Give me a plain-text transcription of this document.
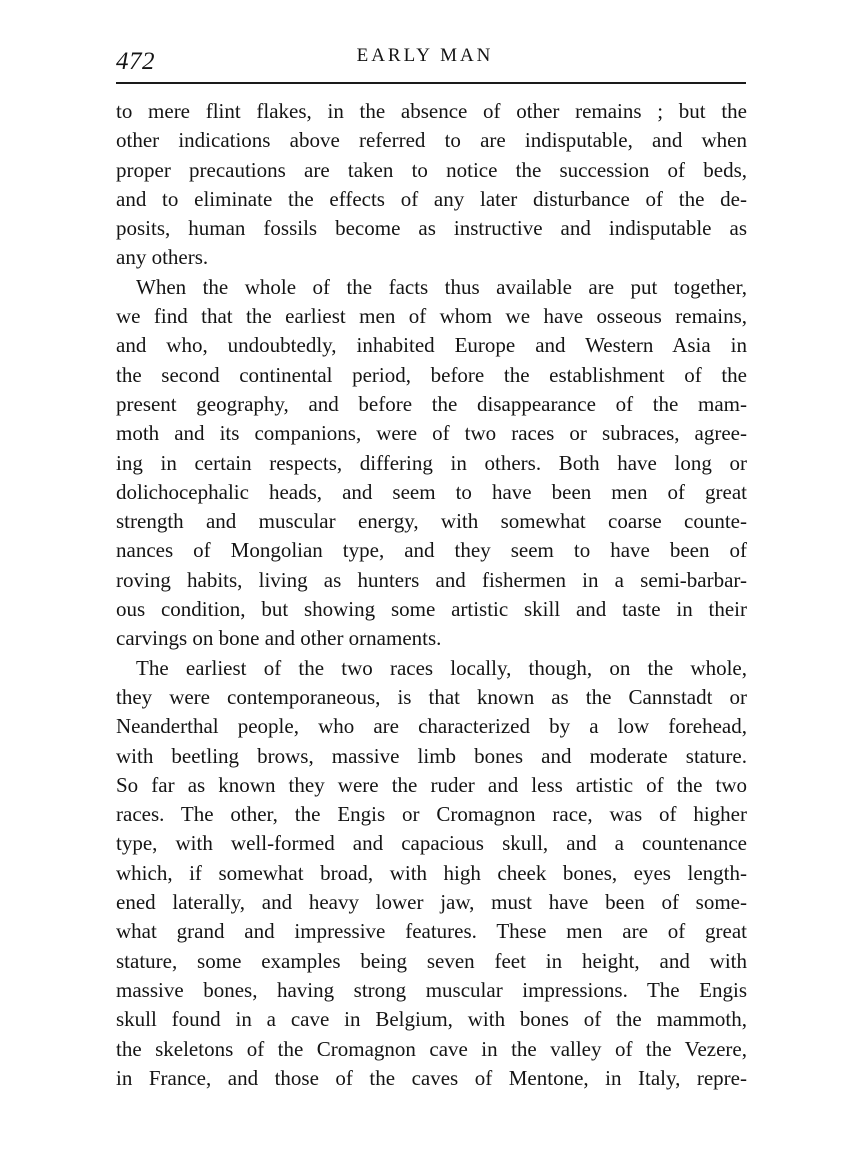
472	EARLY MAN
to mere flint flakes, in the absence of other remains ; but the
other indications above referred to are indisputable, and when
proper precautions are taken to notice the succession of beds,
and to eliminate the effects of any later disturbance of the de-
posits, human fossils become as instructive and indisputable as
any others.
When the whole of the facts thus available are put together,
we find that the earliest men of whom we have osseous remains,
and who, undoubtedly, inhabited Europe and Western Asia in
the second continental period, before the establishment of the
present geography, and before the disappearance of the mam-
moth and its companions, were of two races or subraces, agree-
ing in certain respects, differing in others. Both have long or
dolichocephalic heads, and seem to have been men of great
strength and muscular energy, with somewhat coarse counte-
nances of Mongolian type, and they seem to have been of
roving habits, living as hunters and fishermen in a semi-barbar-
ous condition, but showing some artistic skill and taste in their
carvings on bone and other ornaments.
The earliest of the two races locally, though, on the whole,
they were contemporaneous, is that known as the Cannstadt or
Neanderthal people, who are characterized by a low forehead,
with beetling brows, massive limb bones and moderate stature.
So far as known they were the ruder and less artistic of the two
races. The other, the Engis or Cromagnon race, was of higher
type, with well-formed and capacious skull, and a countenance
which, if somewhat broad, with high cheek bones, eyes length-
ened laterally, and heavy lower jaw, must have been of some-
what grand and impressive features. These men are of great
stature, some examples being seven feet in height, and with
massive bones, having strong muscular impressions. The Engis
skull found in a cave in Belgium, with bones of the mammoth,
the skeletons of the Cromagnon cave in the valley of the Vezere,
in France, and those of the caves of Mentone, in Italy, repre-
